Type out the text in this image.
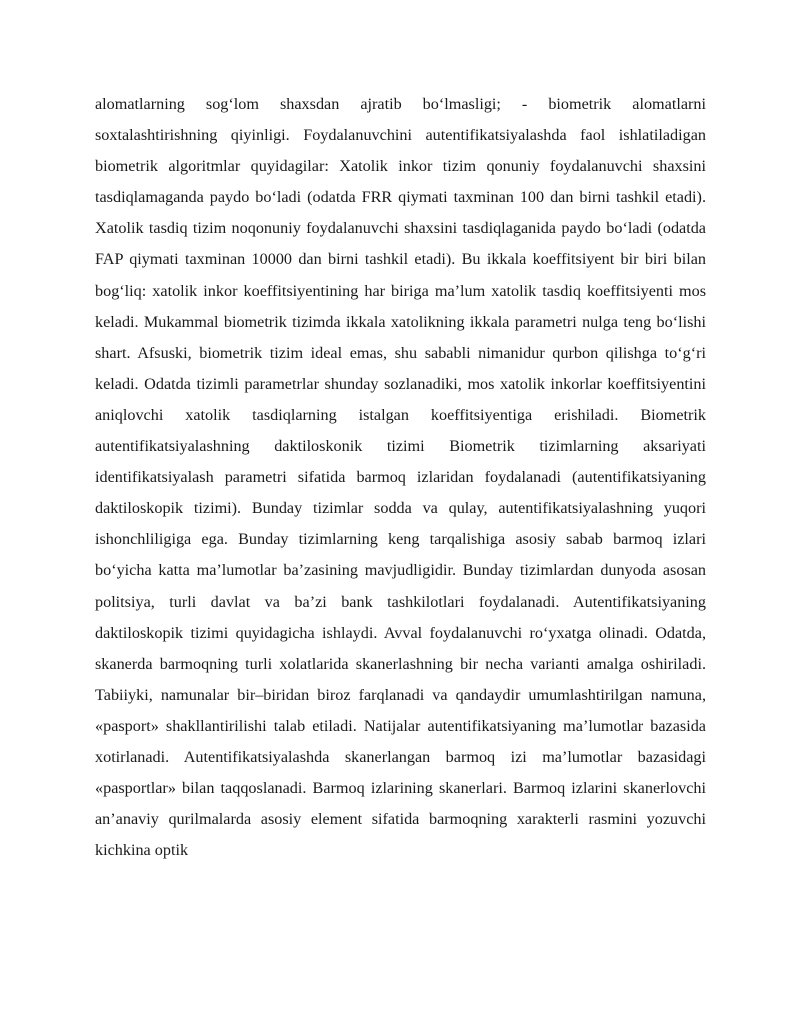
alomatlarning sog‘lom shaxsdan ajratib bo‘lmasligi; - biometrik alomatlarni soxtalashtirishning qiyinligi. Foydalanuvchini autentifikatsiyalashda faol ishlatiladigan biometrik algoritmlar quyidagilar: Xatolik inkor tizim qonuniy foydalanuvchi shaxsini tasdiqlamaganda paydo bo‘ladi (odatda FRR qiymati taxminan 100 dan birni tashkil etadi). Xatolik tasdiq tizim noqonuniy foydalanuvchi shaxsini tasdiqlaganida paydo bo‘ladi (odatda FAP qiymati taxminan 10000 dan birni tashkil etadi). Bu ikkala koeffitsiyent bir biri bilan bog‘liq: xatolik inkor koeffitsiyentining har biriga ma’lum xatolik tasdiq koeffitsiyenti mos keladi. Mukammal biometrik tizimda ikkala xatolikning ikkala parametri nulga teng bo‘lishi shart. Afsuski, biometrik tizim ideal emas, shu sababli nimanidur qurbon qilishga to‘g‘ri keladi. Odatda tizimli parametrlar shunday sozlanadiki, mos xatolik inkorlar koeffitsiyentini aniqlovchi xatolik tasdiqlarning istalgan koeffitsiyentiga erishiladi. Biometrik autentifikatsiyalashning daktiloskonik tizimi Biometrik tizimlarning aksariyati identifikatsiyalash parametri sifatida barmoq izlaridan foydalanadi (autentifikatsiyaning daktiloskopik tizimi). Bunday tizimlar sodda va qulay, autentifikatsiyalashning yuqori ishonchliligiga ega. Bunday tizimlarning keng tarqalishiga asosiy sabab barmoq izlari bo‘yicha katta ma’lumotlar ba’zasining mavjudligidir. Bunday tizimlardan dunyoda asosan politsiya, turli davlat va ba’zi bank tashkilotlari foydalanadi. Autentifikatsiyaning daktiloskopik tizimi quyidagicha ishlaydi. Avval foydalanuvchi ro‘yxatga olinadi. Odatda, skanerda barmoqning turli xolatlarida skanerlashning bir necha varianti amalga oshiriladi. Tabiiyki, namunalar bir–biridan biroz farqlanadi va qandaydir umumlashtirilgan namuna, «pasport» shakllantirilishi talab etiladi. Natijalar autentifikatsiyaning ma’lumotlar bazasida xotirlanadi. Autentifikatsiyalashda skanerlangan barmoq izi ma’lumotlar bazasidagi «pasportlar» bilan taqqoslanadi. Barmoq izlarining skanerlari. Barmoq izlarini skanerlovchi an’anaviy qurilmalarda asosiy element sifatida barmoqning xarakterli rasmini yozuvchi kichkina optik
